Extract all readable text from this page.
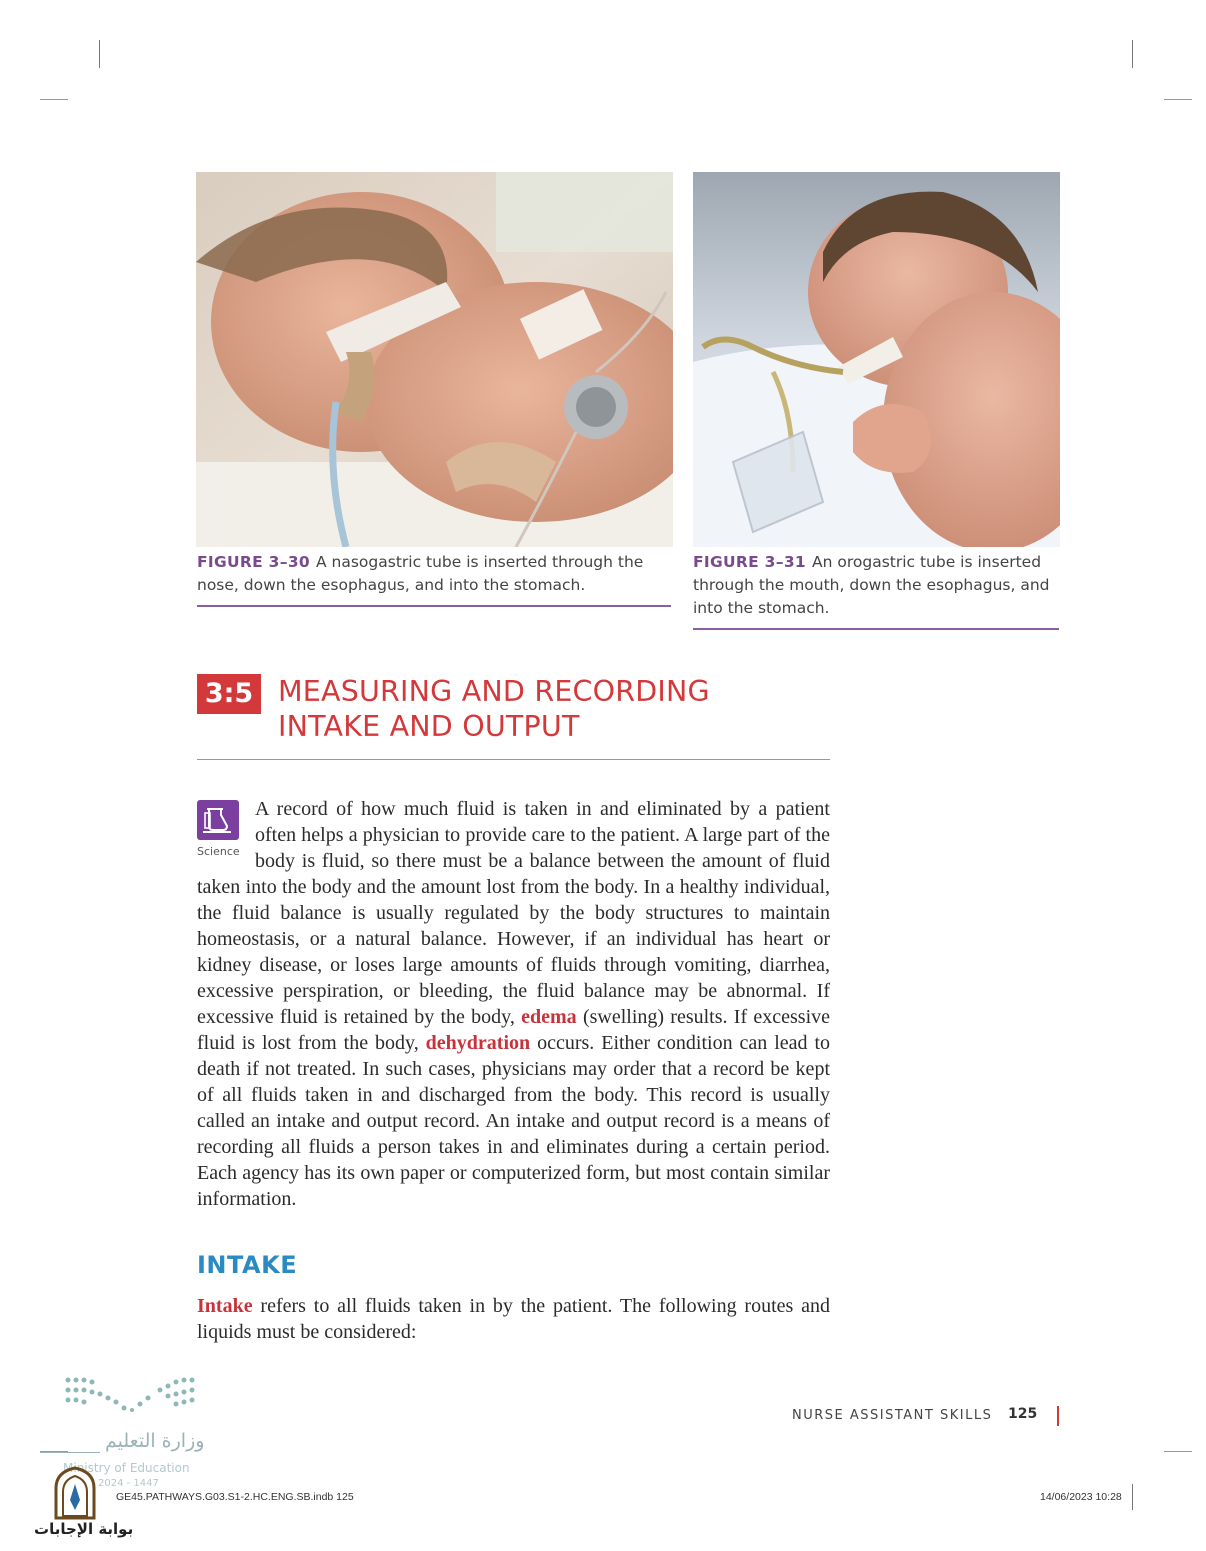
FIGURE 3–30 A nasogastric tube is inserted through the nose, down the esophagus, and into the stomach.
FIGURE 3–31 An orogastric tube is inserted through the mouth, down the esophagus, and into the stomach.
3:5 MEASURING AND RECORDING
INTAKE AND OUTPUT
Science
A record of how much fluid is taken in and eliminated by a patient often helps a physician to provide care to the patient. A large part of the body is fluid, so there must be a balance between the amount of fluid taken into the body and the amount lost from the body. In a healthy individual, the fluid balance is usually regulated by the body structures to maintain homeostasis, or a natural balance. However, if an individual has heart or kidney disease, or loses large amounts of fluids through vomiting, diarrhea, excessive perspiration, or bleeding, the fluid balance may be abnormal. If excessive fluid is retained by the body, edema (swelling) results. If excessive fluid is lost from the body, dehydration occurs. Either condition can lead to death if not treated. In such cases, physicians may order that a record be kept of all fluids taken in and discharged from the body. This record is usually called an intake and output record. An intake and output record is a means of recording all fluids a person takes in and eliminates during a certain period. Each agency has its own paper or computerized form, but most contain similar information.
INTAKE
Intake refers to all fluids taken in by the patient. The following routes and liquids must be considered:
NURSE ASSISTANT SKILLS 125
GE45.PATHWAYS.G03.S1-2.HC.ENG.SB.indb 125	14/06/2023 10:28
وزارة التعليم
Ministry of Education
2024 - 1447
بوابة الإجابات
